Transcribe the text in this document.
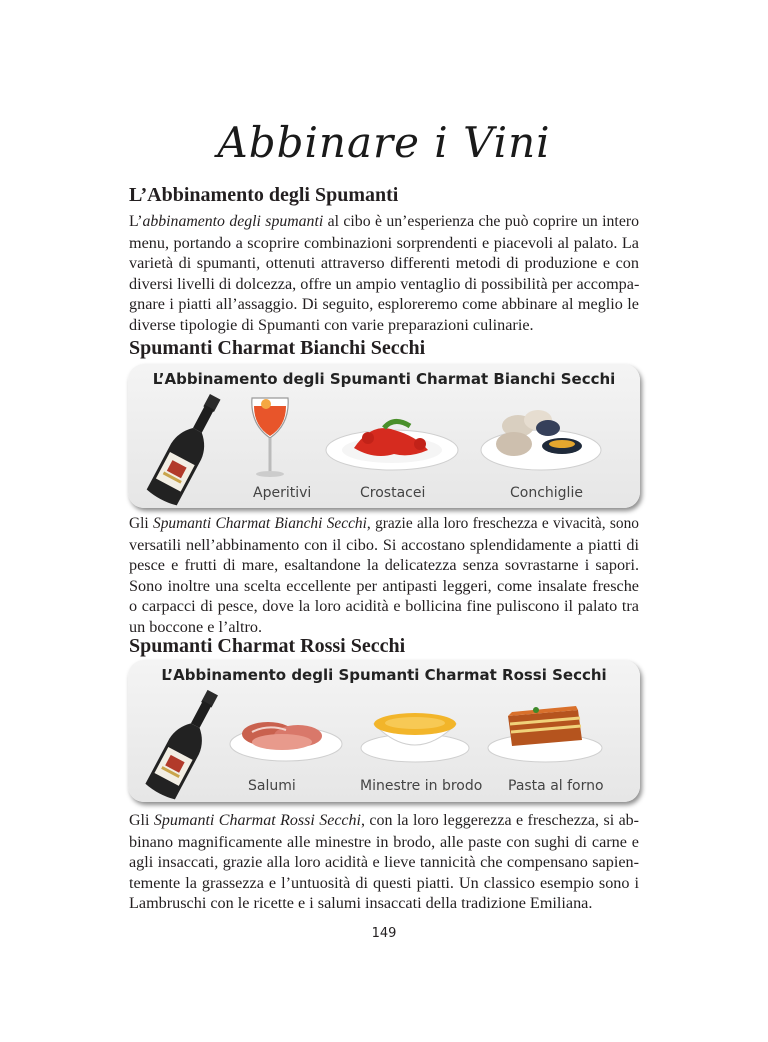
Abbinare i Vini
L’Abbinamento degli Spumanti
L’abbinamento degli spumanti al cibo è un’esperienza che può coprire un intero
menu, portando a scoprire combinazioni sorprendenti e piacevoli al palato. La
varietà di spumanti, ottenuti attraverso differenti metodi di produzione e con
diversi livelli di dolcezza, offre un ampio ventaglio di possibilità per accompa-
gnare i piatti all’assaggio. Di seguito, esploreremo come abbinare al meglio le
diverse tipologie di Spumanti con varie preparazioni culinarie.
Spumanti Charmat Bianchi Secchi
L’Abbinamento degli Spumanti Charmat Bianchi Secchi
Aperitivi	Crostacei	Conchiglie
Gli Spumanti Charmat Bianchi Secchi, grazie alla loro freschezza e vivacità, sono
versatili nell’abbinamento con il cibo. Si accostano splendidamente a piatti di
pesce e frutti di mare, esaltandone la delicatezza senza sovrastarne i sapori.
Sono inoltre una scelta eccellente per antipasti leggeri, come insalate fresche
o carpacci di pesce, dove la loro acidità e bollicina fine puliscono il palato tra
un boccone e l’altro.
Spumanti Charmat Rossi Secchi
L’Abbinamento degli Spumanti Charmat Rossi Secchi
Salumi	Minestre in brodo Pasta al forno
Gli Spumanti Charmat Rossi Secchi, con la loro leggerezza e freschezza, si ab-
binano magnificamente alle minestre in brodo, alle paste con sughi di carne e
agli insaccati, grazie alla loro acidità e lieve tannicità che compensano sapien-
temente la grassezza e l’untuosità di questi piatti. Un classico esempio sono i
Lambruschi con le ricette e i salumi insaccati della tradizione Emiliana.
149
